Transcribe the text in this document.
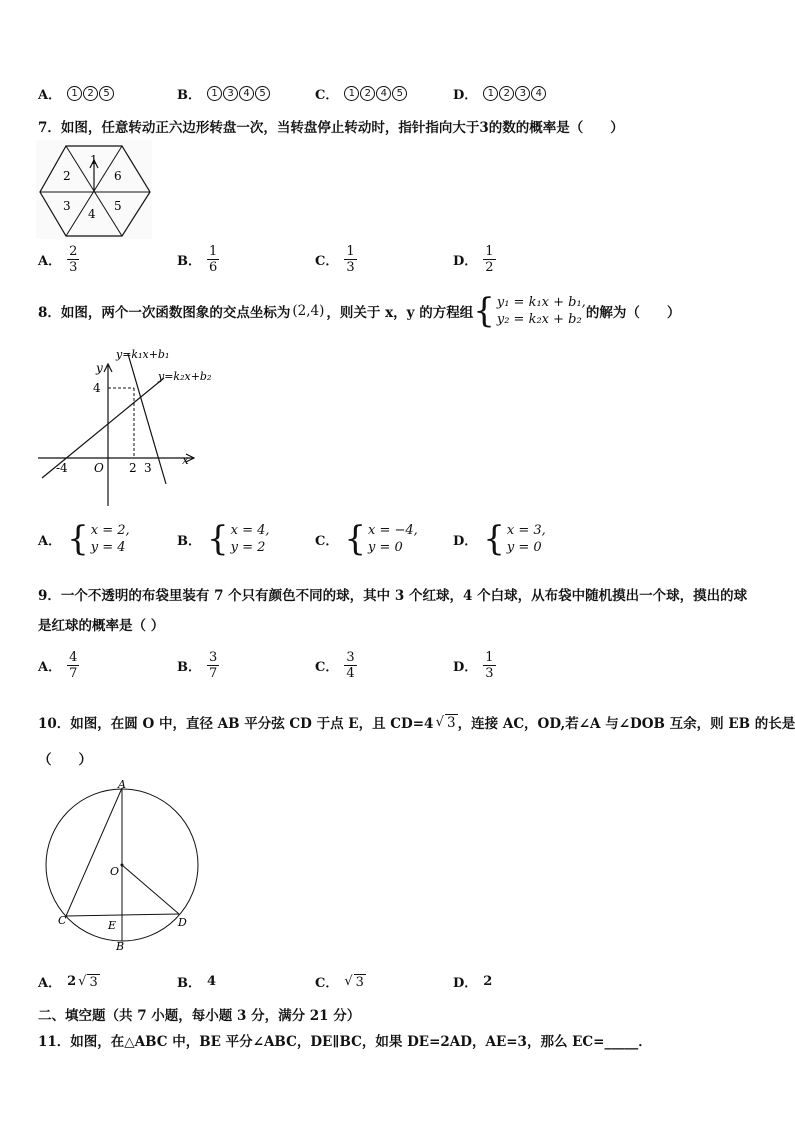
A．	1 2 5	B．	1 3 4 5	C．	1 2 4 5	D．	1 2 3 4
7．如图，任意转动正六边形转盘一次，当转盘停止转动时，指针指向大于3的数的概率是（　　）
1
6
5
4
3
2
A． $\frac{2}{3}$	B． $\frac{1}{6}$	C． $\frac{1}{3}$	D． $\frac{1}{2}$
8．如图，两个一次函数图象的交点坐标为 (2,4) ，则关于 x，y 的方程组 { y₁ = k₁x + b₁,
y₂ = k₂x + b₂ 的解为（　　）
y=k₁x+b₁
y=k₂x+b₂
y
x
4
O
-4	2 3
A． { x = 2,
y = 4	B． { x = 4,
y = 2	C． { x = −4,
y = 0	D． { x = 3,
y = 0
9．一个不透明的布袋里装有 7 个只有颜色不同的球，其中 3 个红球，4 个白球，从布袋中随机摸出一个球，摸出的球
是红球的概率是（ ）
A． $\frac{4}{7}$	B． $\frac{3}{7}$	C． $\frac{3}{4}$	D． $\frac{1}{3}$
10．如图，在圆 O 中，直径 AB 平分弦 CD 于点 E，且 CD=4 √ 3 ，连接 AC，OD,若∠A 与∠DOB 互余，则 EB 的长是
（　　）
A
O
C	D
E
B
A． 2 √ 3	B． 4	C． √ 3	D． 2
二、填空题（共 7 小题，每小题 3 分，满分 21 分）
11．如图，在△ABC 中，BE 平分∠ABC，DE∥BC，如果 DE=2AD，AE=3，那么 EC=_____．
